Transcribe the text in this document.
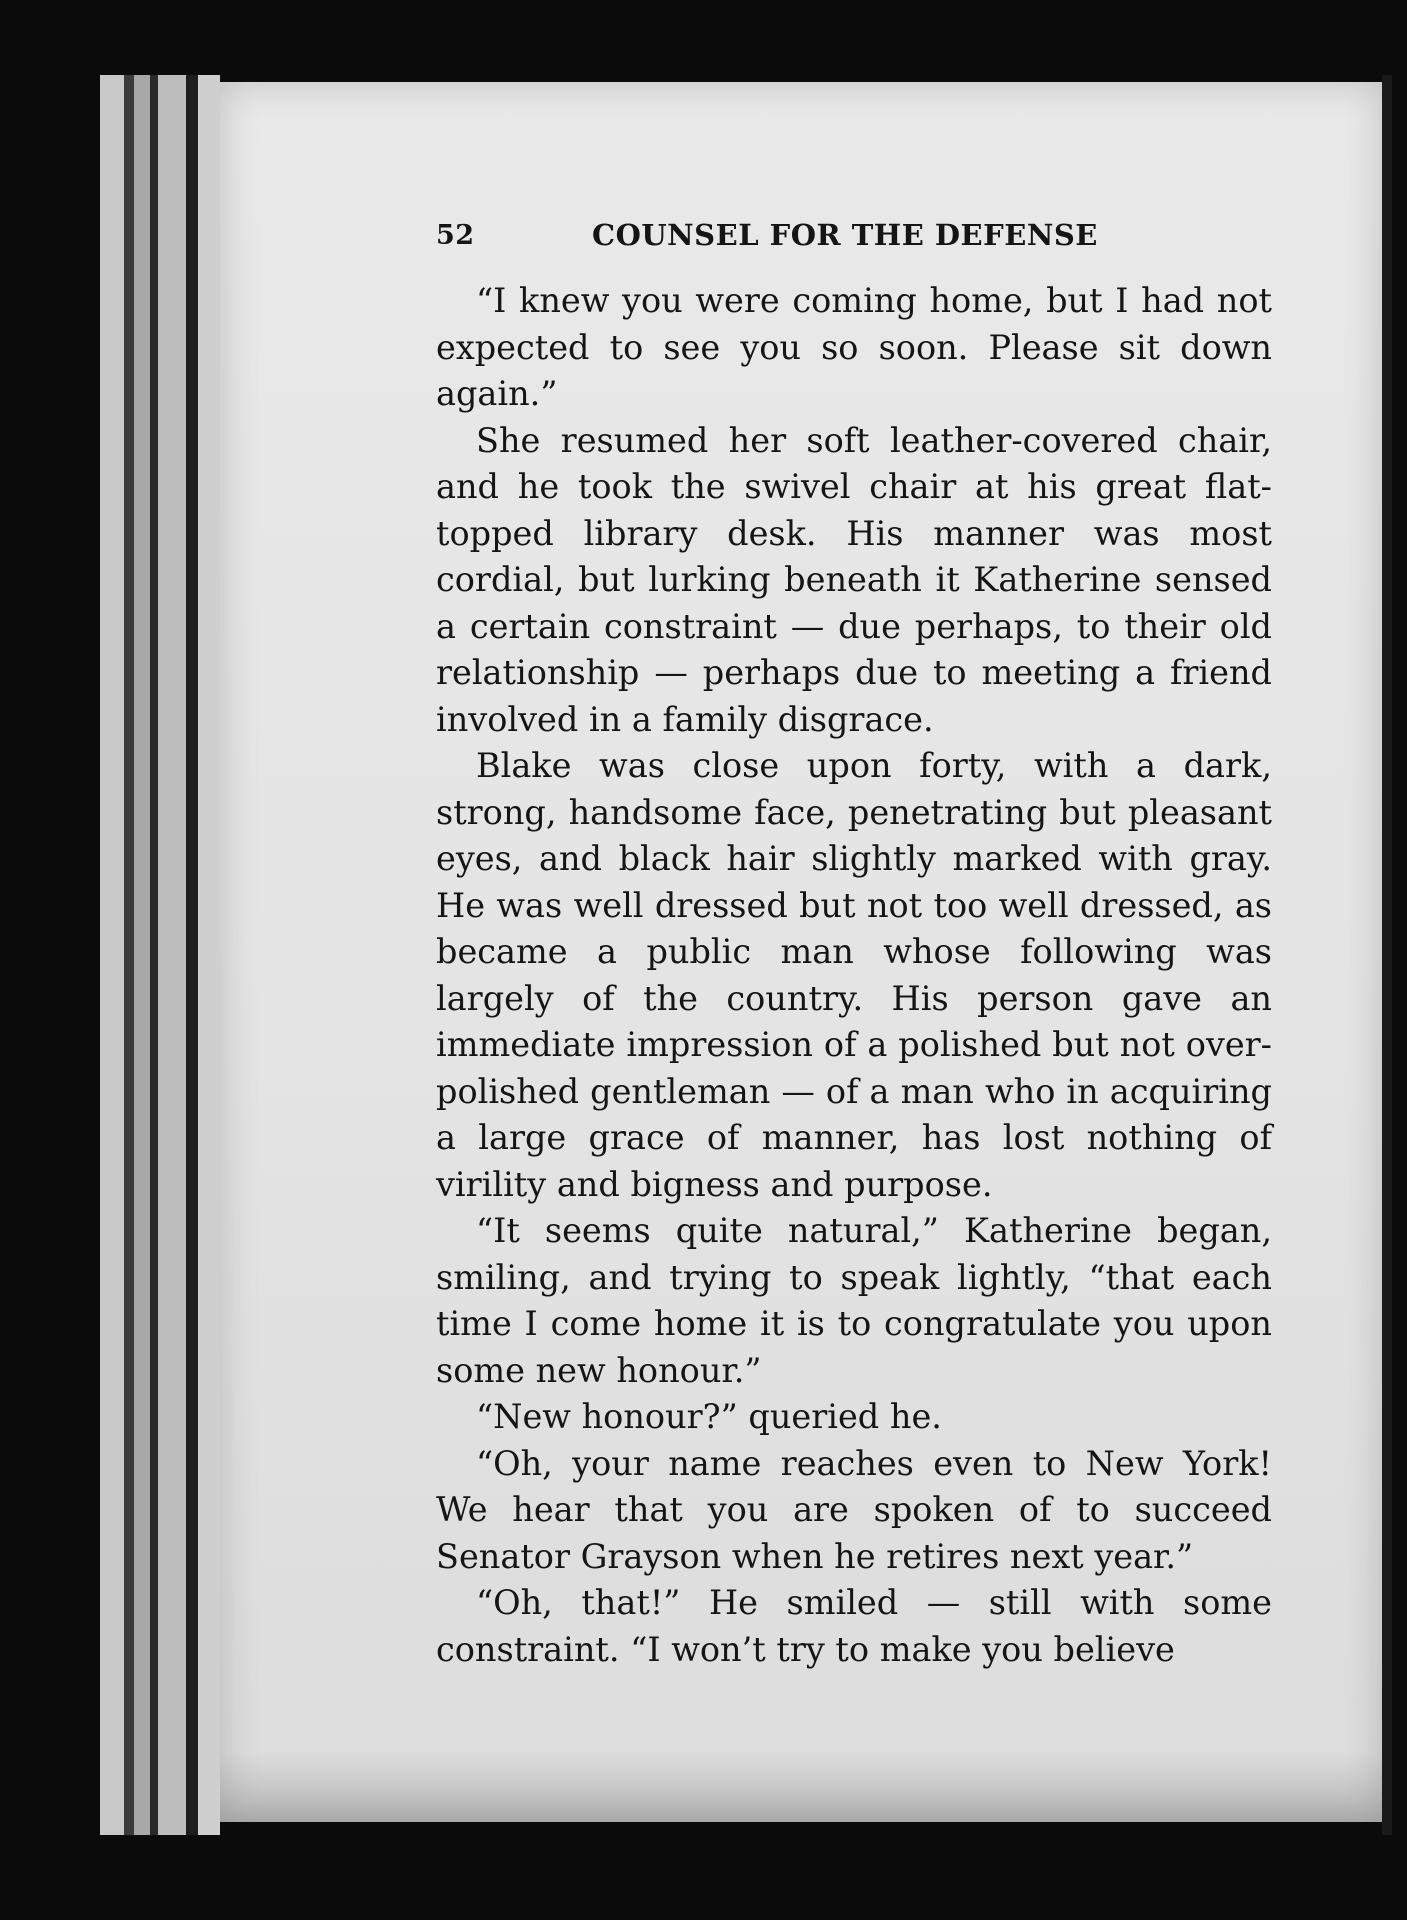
52	COUNSEL FOR THE DEFENSE

“I knew you were coming home, but I had not expected to see you so soon. Please sit down again.”

She resumed her soft leather-covered chair, and he took the swivel chair at his great flat-topped library desk. His manner was most cordial, but lurking beneath it Katherine sensed a certain constraint — due perhaps, to their old relationship — perhaps due to meeting a friend involved in a family disgrace.

Blake was close upon forty, with a dark, strong, handsome face, penetrating but pleasant eyes, and black hair slightly marked with gray. He was well dressed but not too well dressed, as became a public man whose following was largely of the country. His person gave an immediate impression of a polished but not over-polished gentleman — of a man who in acquiring a large grace of manner, has lost nothing of virility and bigness and purpose.

“It seems quite natural,” Katherine began, smiling, and trying to speak lightly, “that each time I come home it is to congratulate you upon some new honour.”

“New honour?” queried he.

“Oh, your name reaches even to New York! We hear that you are spoken of to succeed Senator Grayson when he retires next year.”

“Oh, that!” He smiled — still with some constraint. “I won’t try to make you believe
